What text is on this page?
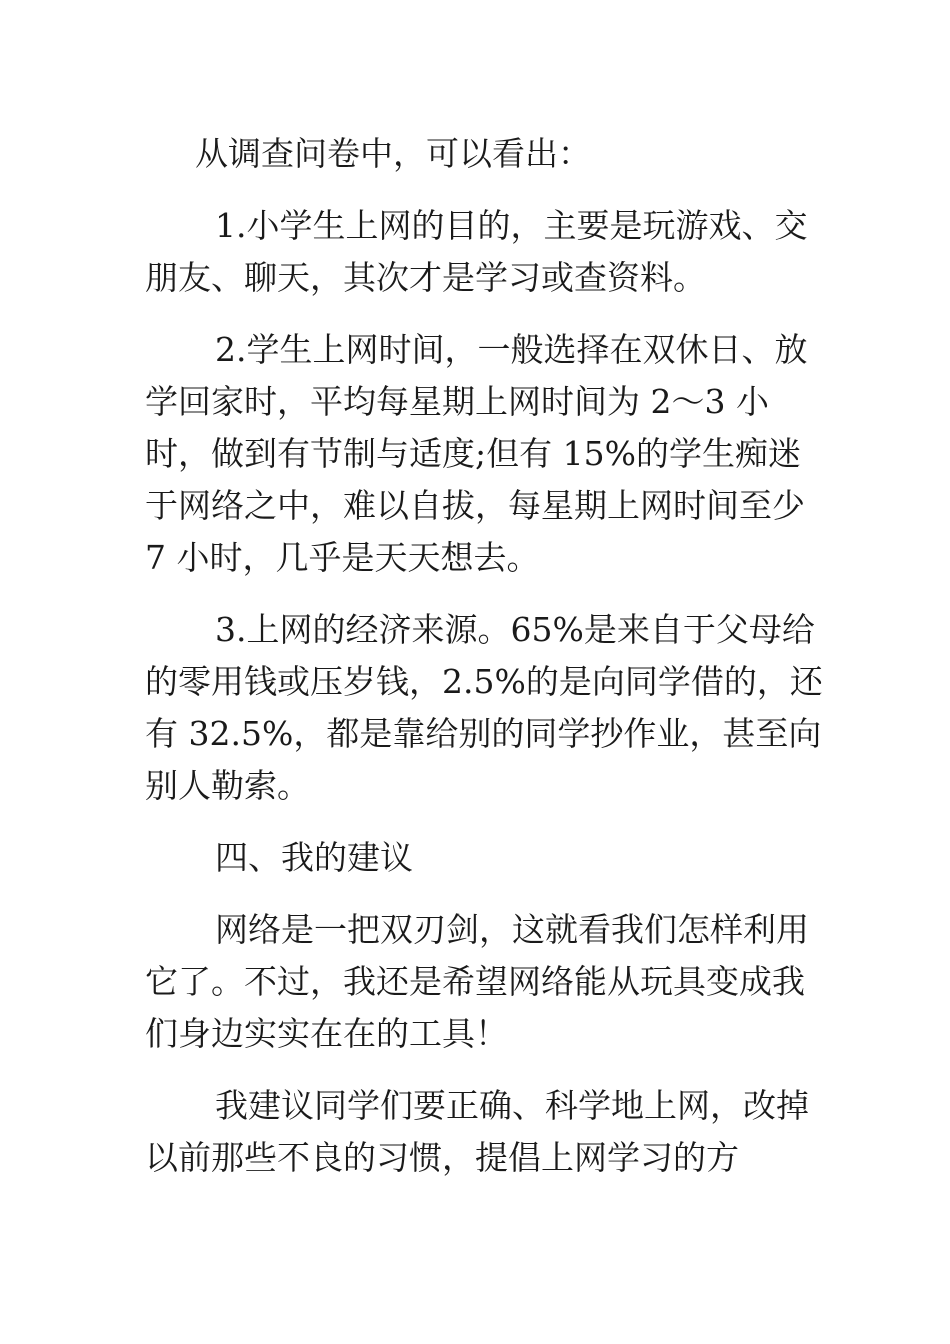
从调查问卷中，可以看出：

1.小学生上网的目的，主要是玩游戏、交朋友、聊天，其次才是学习或查资料。

2.学生上网时间，一般选择在双休日、放学回家时，平均每星期上网时间为 2～3 小时，做到有节制与适度;但有 15%的学生痴迷于网络之中，难以自拔，每星期上网时间至少 7 小时，几乎是天天想去。

3.上网的经济来源。65%是来自于父母给的零用钱或压岁钱，2.5%的是向同学借的，还有 32.5%，都是靠给别的同学抄作业，甚至向别人勒索。

四、我的建议

网络是一把双刃剑，这就看我们怎样利用它了。不过，我还是希望网络能从玩具变成我们身边实实在在的工具！

我建议同学们要正确、科学地上网，改掉以前那些不良的习惯，提倡上网学习的方
